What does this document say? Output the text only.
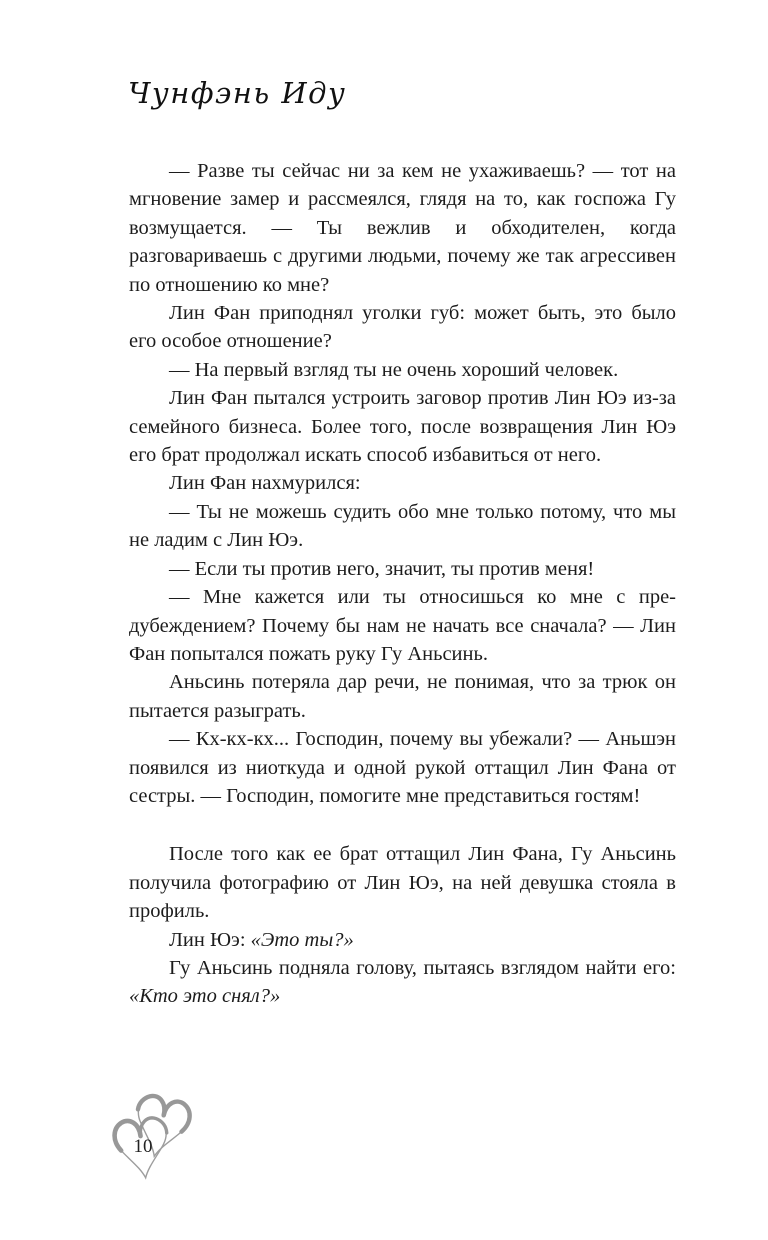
Чунфэнь Иду

— Разве ты сейчас ни за кем не ухаживаешь? — тот на мгновение замер и рассмеялся, глядя на то, как госпожа Гу возмущается. — Ты вежлив и обходителен, когда разговариваешь с другими людьми, почему же так агрессивен по отношению ко мне?

Лин Фан приподнял уголки губ: может быть, это было его особое отношение?

— На первый взгляд ты не очень хороший человек.

Лин Фан пытался устроить заговор против Лин Юэ из-за семейного бизнеса. Более того, после возвращения Лин Юэ его брат продолжал искать способ избавиться от него.

Лин Фан нахмурился:

— Ты не можешь судить обо мне только потому, что мы не ладим с Лин Юэ.

— Если ты против него, значит, ты против меня!

— Мне кажется или ты относишься ко мне с предубеждением? Почему бы нам не начать все сначала? — Лин Фан попытался пожать руку Гу Аньсинь.

Аньсинь потеряла дар речи, не понимая, что за трюк он пытается разыграть.

— Кх-кх-кх... Господин, почему вы убежали? — Аньшэн появился из ниоткуда и одной рукой оттащил Лин Фана от сестры. — Господин, помогите мне представиться гостям!

После того как ее брат оттащил Лин Фана, Гу Аньсинь получила фотографию от Лин Юэ, на ней девушка стояла в профиль.

Лин Юэ: «Это ты?»

Гу Аньсинь подняла голову, пытаясь взглядом найти его: «Кто это снял?»

10
